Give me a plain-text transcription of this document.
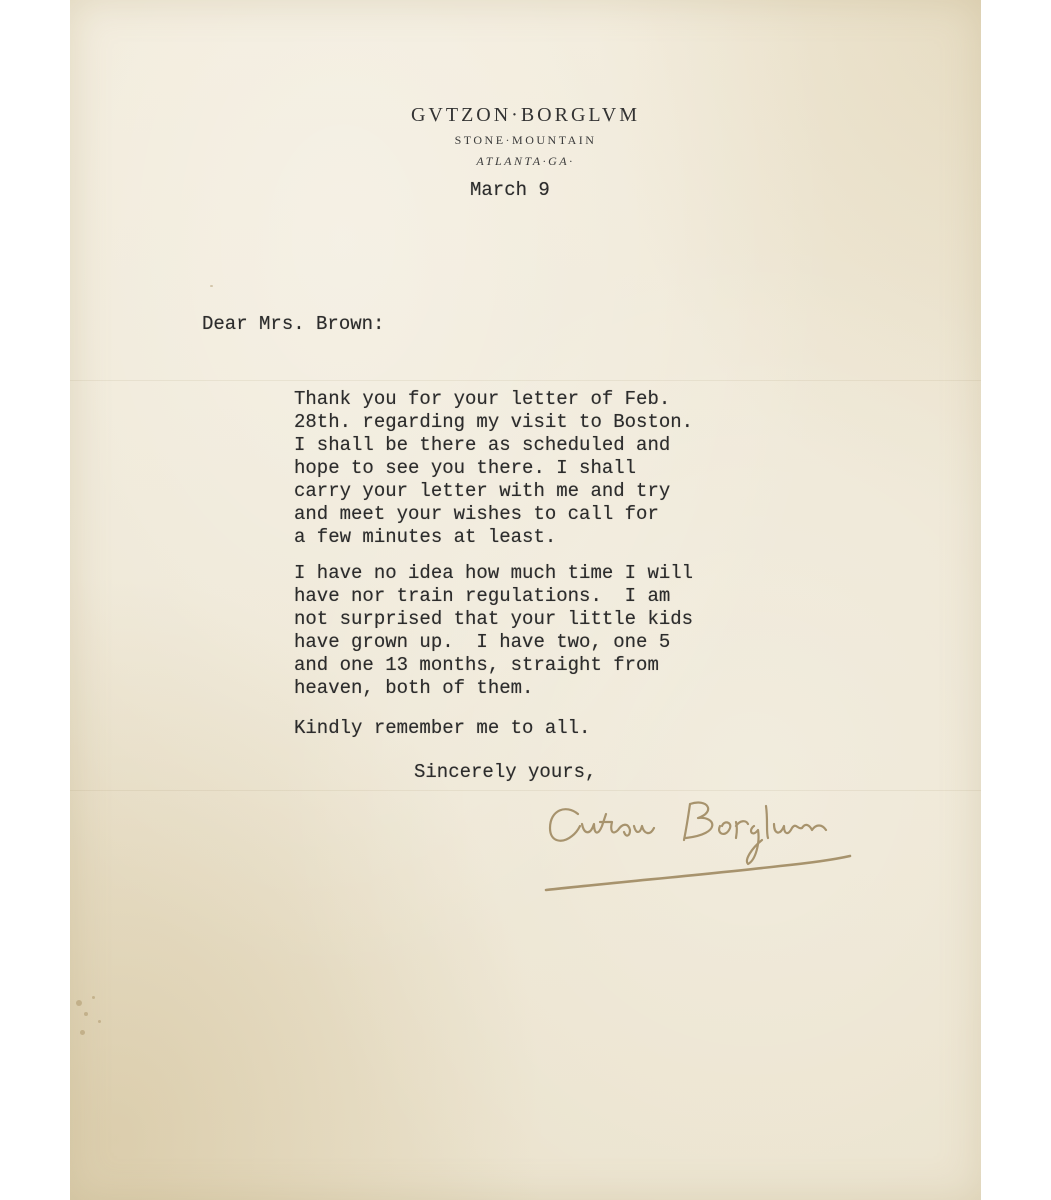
GVTZON·BORGLVM
STONE·MOUNTAIN
ATLANTA·GA·
March 9
Dear Mrs. Brown:
Thank you for your letter of Feb.
28th. regarding my visit to Boston.
I shall be there as scheduled and
hope to see you there. I shall
carry your letter with me and try
and meet your wishes to call for
a few minutes at least.
I have no idea how much time I will
have nor train regulations.  I am
not surprised that your little kids
have grown up.  I have two, one 5
and one 13 months, straight from
heaven, both of them.
Kindly remember me to all.
Sincerely yours,
